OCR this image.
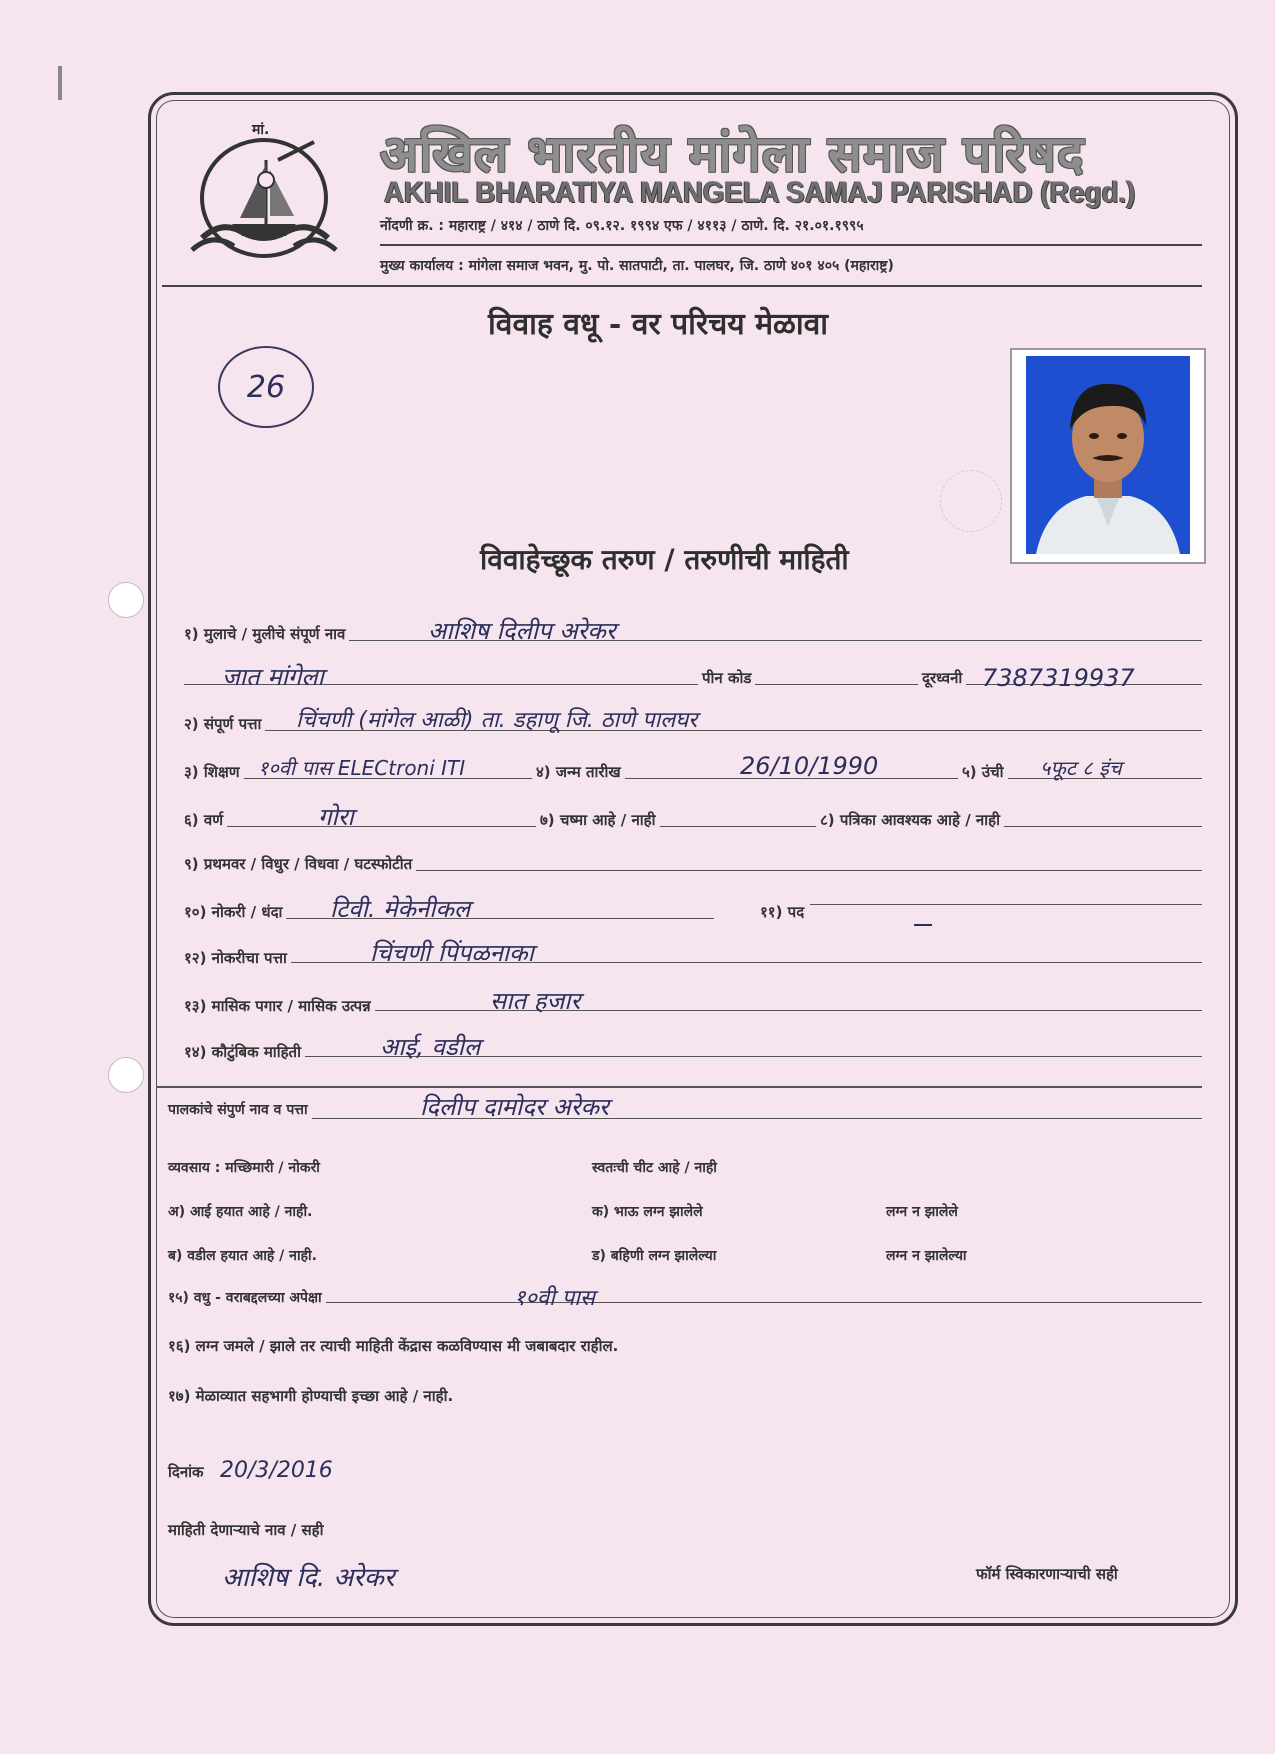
मां. अखिल भारतीय मांगेला समाज परिषद
AKHIL BHARATIYA MANGELA SAMAJ PARISHAD (Regd.)
नोंदणी क्र. : महाराष्ट्र / ४१४ / ठाणे दि. ०९.१२. १९९४ एफ / ४११३ / ठाणे. दि. २१.०१.१९९५
मुख्य कार्यालय : मांगेला समाज भवन, मु. पो. सातपाटी, ता. पालघर, जि. ठाणे ४०१ ४०५ (महाराष्ट्र)
विवाह वधू - वर परिचय मेळावा
26
विवाहेच्छूक तरुण / तरुणीची माहिती
१) मुलाचे / मुलीचे संपूर्ण नाव	आशिष दिलीप अरेकर
जात मांगेला	पीन कोड	दूरध्वनी 7387319937
२) संपूर्ण पत्ता चिंचणी (मांगेल आळी) ता. डहाणू जि. ठाणे पालघर
३) शिक्षण १०वी पास ELECtroni ITI	४) जन्म तारीख	26/10/1990	५) उंची ५फूट ८ इंच
६) वर्ण	गोरा	७) चष्मा आहे / नाही	८) पत्रिका आवश्यक आहे / नाही
९) प्रथमवर / विधुर / विधवा / घटस्फोटीत
१०) नोकरी / धंदा टिवी. मेकेनीकल	११) पद
१२) नोकरीचा पत्ता	चिंचणी पिंपळनाका
१३) मासिक पगार / मासिक उत्पन्न	सात हजार
१४) कौटुंबिक माहिती	आई, वडील
पालकांचे संपुर्ण नाव व पत्ता	दिलीप दामोदर अरेकर
व्यवसाय : मच्छिमारी / नोकरी	स्वतःची चीट आहे / नाही
अ) आई हयात आहे / नाही.	क) भाऊ लग्न झालेले	लग्न न झालेले
ब) वडील हयात आहे / नाही.	ड) बहिणी लग्न झालेल्या	लग्न न झालेल्या
१५) वधु - वराबद्दलच्या अपेक्षा	१०वी पास
१६) लग्न जमले / झाले तर त्याची माहिती केंद्रास कळविण्यास मी जबाबदार राहील.
१७) मेळाव्यात सहभागी होण्याची इच्छा आहे / नाही.
दिनांक 20/3/2016
माहिती देणाऱ्याचे नाव / सही
आशिष दि. अरेकर	फॉर्म स्विकारणाऱ्याची सही
